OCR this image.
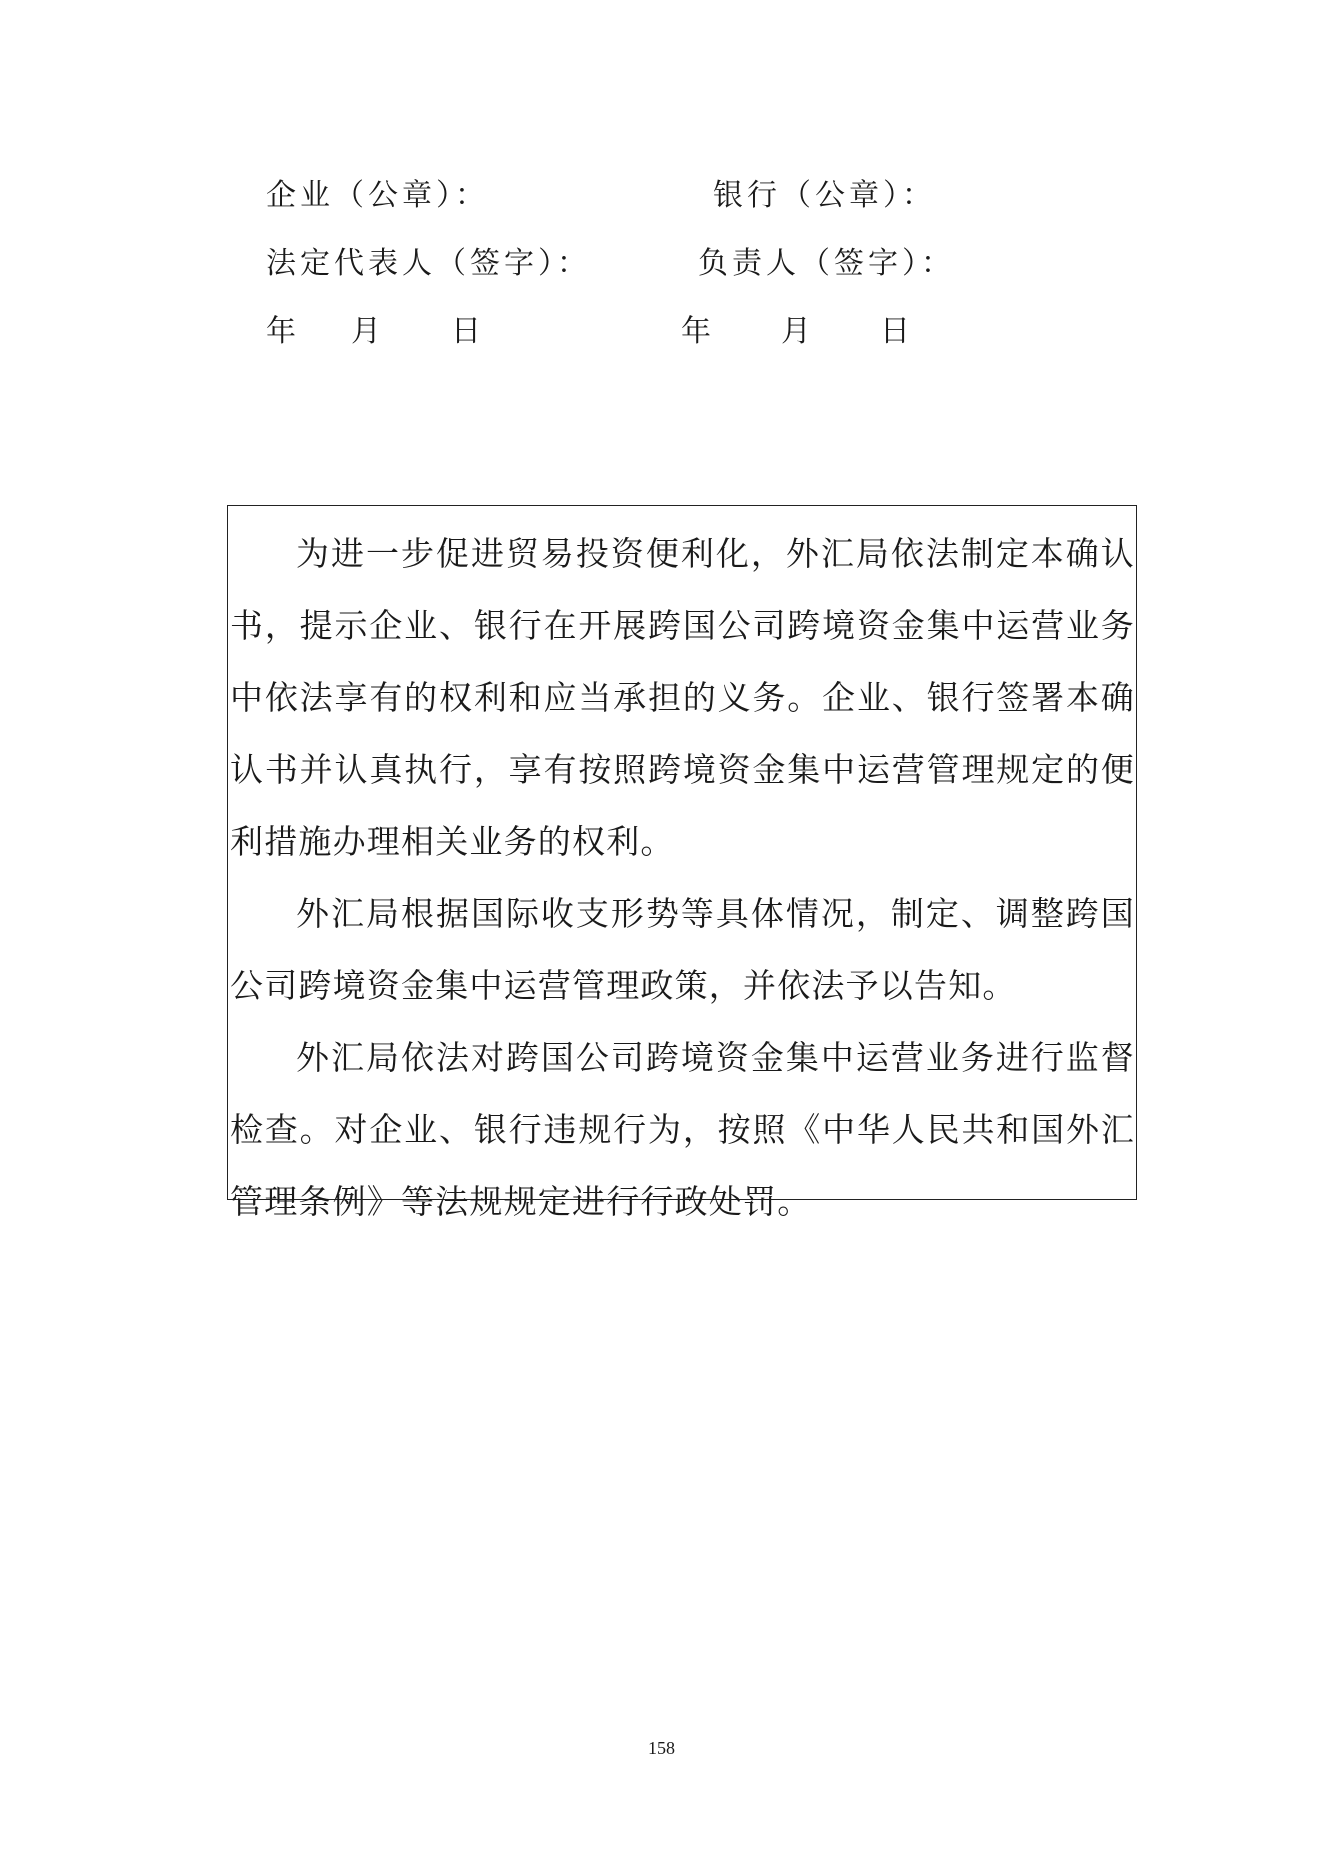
企业（公章）：
法定代表人（签字）：
年 月 日	年 月 日
银行（公章）：
负责人（签字）：

为进一步促进贸易投资便利化，外汇局依法制定本确认书，提示企业、银行在开展跨国公司跨境资金集中运营业务中依法享有的权利和应当承担的义务。企业、银行签署本确认书并认真执行，享有按照跨境资金集中运营管理规定的便利措施办理相关业务的权利。

外汇局根据国际收支形势等具体情况，制定、调整跨国公司跨境资金集中运营管理政策，并依法予以告知。

外汇局依法对跨国公司跨境资金集中运营业务进行监督检查。对企业、银行违规行为，按照《中华人民共和国外汇管理条例》等法规规定进行行政处罚。

158
